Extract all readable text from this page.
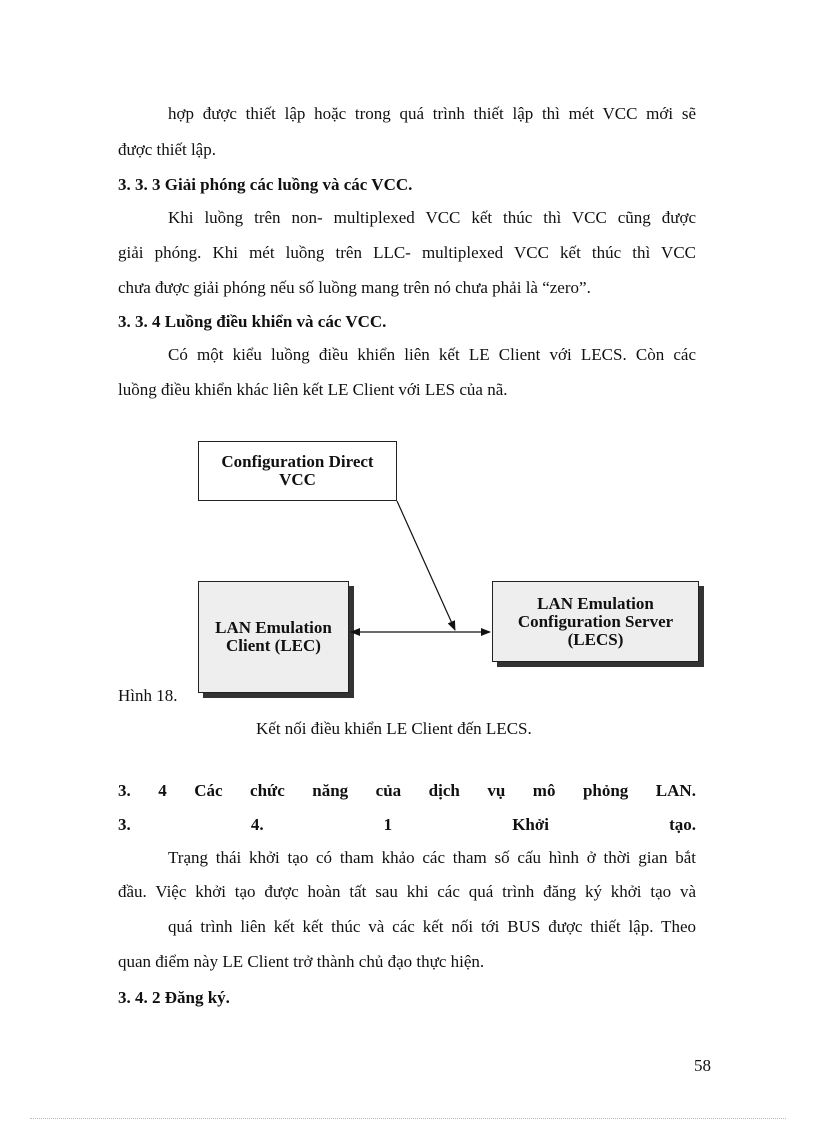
hợp được thiết lập hoặc trong quá trình thiết lập thì mét VCC mới sẽ
được thiết lập.
3. 3. 3 Giải phóng các luồng và các VCC.
Khi luồng trên non- multiplexed VCC kết thúc thì VCC cũng được
giải phóng. Khi mét luồng trên LLC- multiplexed VCC kết thúc thì VCC
chưa được giải phóng nếu số luồng mang trên nó chưa phải là “zero”.
3. 3. 4 Luồng điều khiển và các VCC.
Có một kiểu luồng điều khiển liên kết LE Client với LECS. Còn các
luồng điều khiển khác liên kết LE Client với LES của nã.
Configuration Direct
VCC
LAN Emulation
Client (LEC)
LAN Emulation
Configuration Server
(LECS)
Hình 18.
Kết nối điều khiển LE Client đến LECS.
3. 4 Các chức năng của dịch vụ mô phỏng LAN.
3.	4.	1	Khởi	tạo.
Trạng thái khởi tạo có tham khảo các tham số cấu hình ở thời gian bắt
đầu. Việc khởi tạo được hoàn tất sau khi các quá trình đăng ký khởi tạo và
quá trình liên kết kết thúc và các kết nối tới BUS được thiết lập. Theo
quan điểm này LE Client trở thành chủ đạo thực hiện.
3. 4. 2 Đăng ký.
58
